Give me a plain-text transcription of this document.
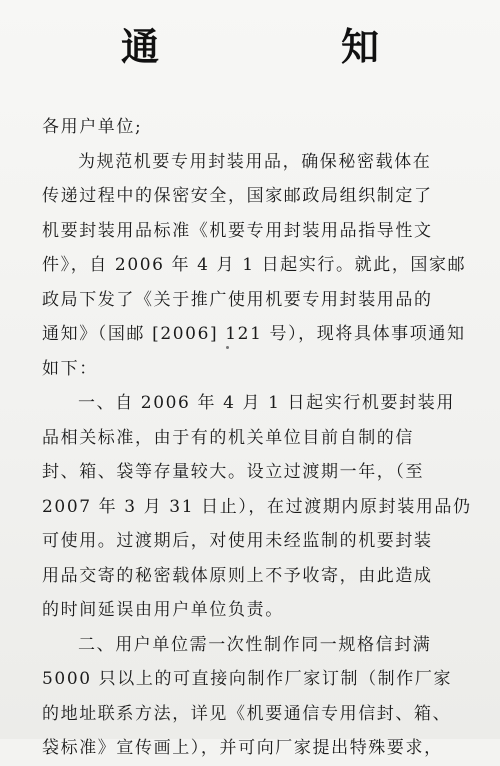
通　知
各用户单位;
为规范机要专用封装用品，确保秘密载体在
传递过程中的保密安全，国家邮政局组织制定了
机要封装用品标准《机要专用封装用品指导性文
件》，自 2006 年 4 月 1 日起实行。就此，国家邮
政局下发了《关于推广使用机要专用封装用品的
通知》（国邮 [2006] 121 号），现将具体事项通知
如下：
一、自 2006 年 4 月 1 日起实行机要封装用
品相关标准，由于有的机关单位目前自制的信
封、箱、袋等存量较大。设立过渡期一年，（至
2007 年 3 月 31 日止），在过渡期内原封装用品仍
可使用。过渡期后，对使用未经监制的机要封装
用品交寄的秘密载体原则上不予收寄，由此造成
的时间延误由用户单位负责。
二、用户单位需一次性制作同一规格信封满
5000 只以上的可直接向制作厂家订制（制作厂家
的地址联系方法，详见《机要通信专用信封、箱、
袋标准》宣传画上），并可向厂家提出特殊要求，
